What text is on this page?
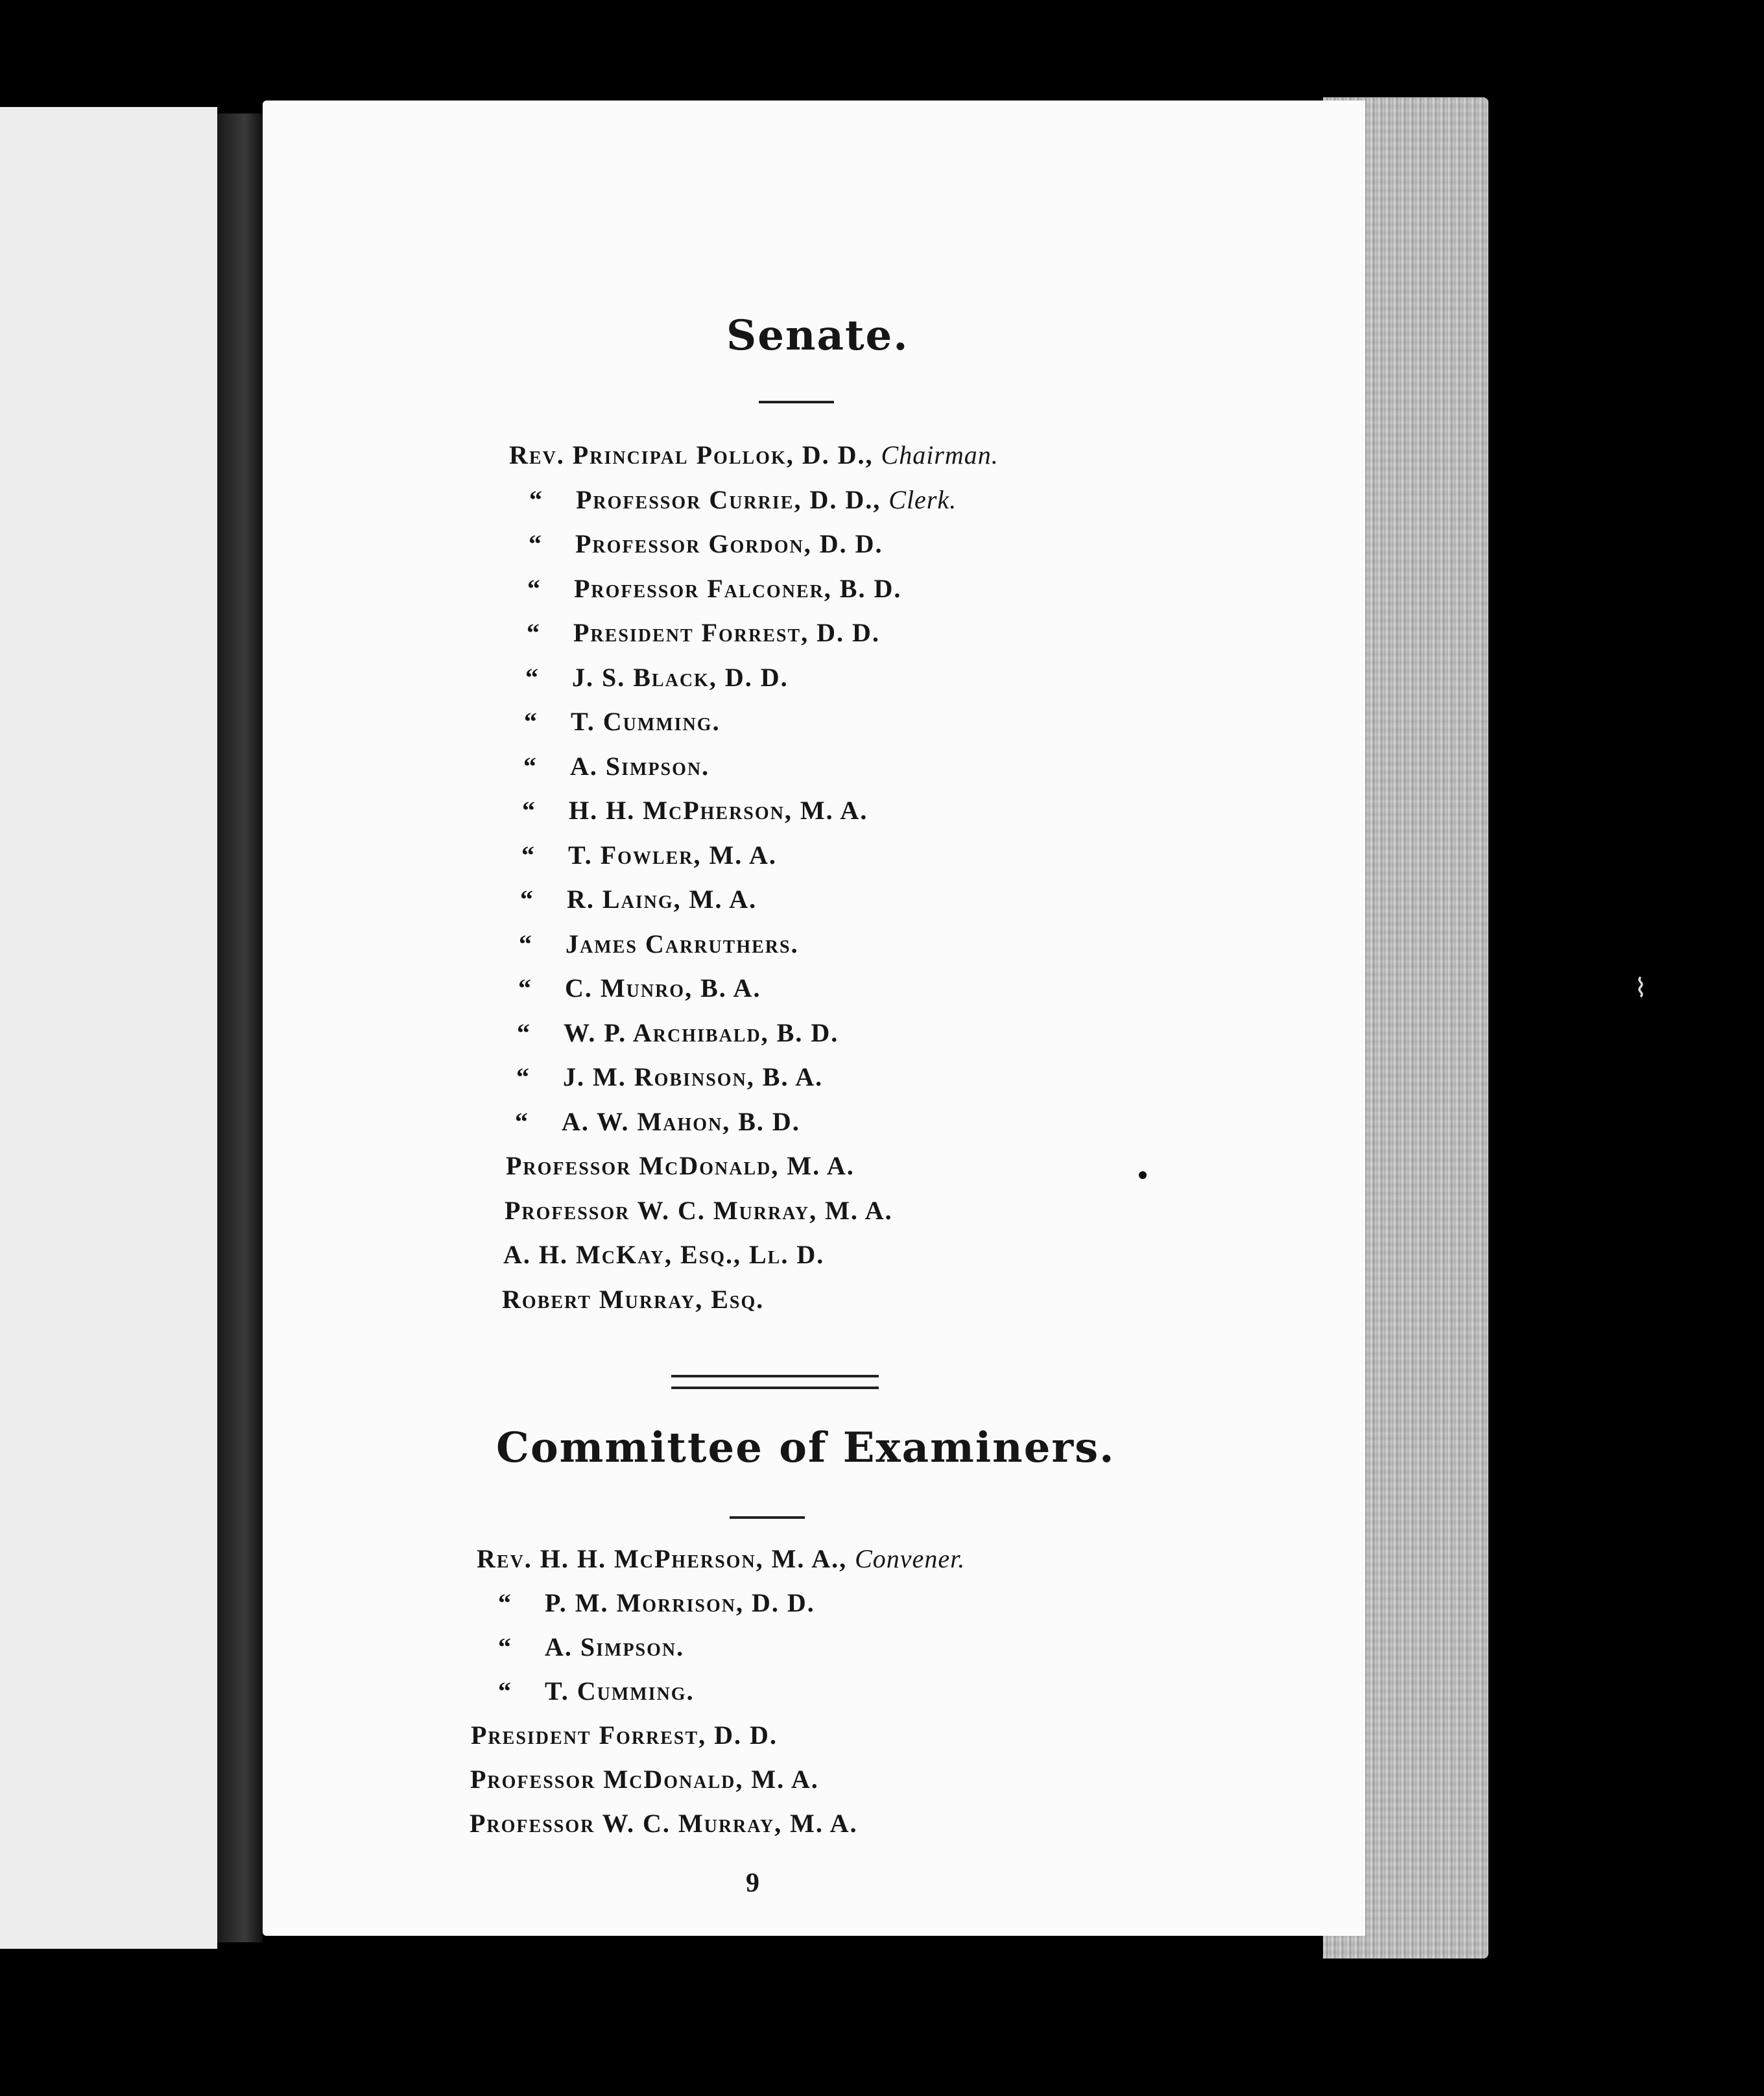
Senate.
Rev. Principal Pollok, D. D., Chairman.
“ Professor Currie, D. D., Clerk.
“ Professor Gordon, D. D.
“ Professor Falconer, B. D.
“ President Forrest, D. D.
“ J. S. Black, D. D.
“ T. Cumming.
“ A. Simpson.
“ H. H. McPherson, M. A.
“ T. Fowler, M. A.
“ R. Laing, M. A.
“ James Carruthers.
“ C. Munro, B. A.
“ W. P. Archibald, B. D.
“ J. M. Robinson, B. A.
“ A. W. Mahon, B. D.
Professor McDonald, M. A.
Professor W. C. Murray, M. A.
A. H. McKay, Esq., Ll. D.
Robert Murray, Esq.
Committee of Examiners.
Rev. H. H. McPherson, M. A., Convener.
“ P. M. Morrison, D. D.
“ A. Simpson.
“ T. Cumming.
President Forrest, D. D.
Professor McDonald, M. A.
Professor W. C. Murray, M. A.
9
⌇
